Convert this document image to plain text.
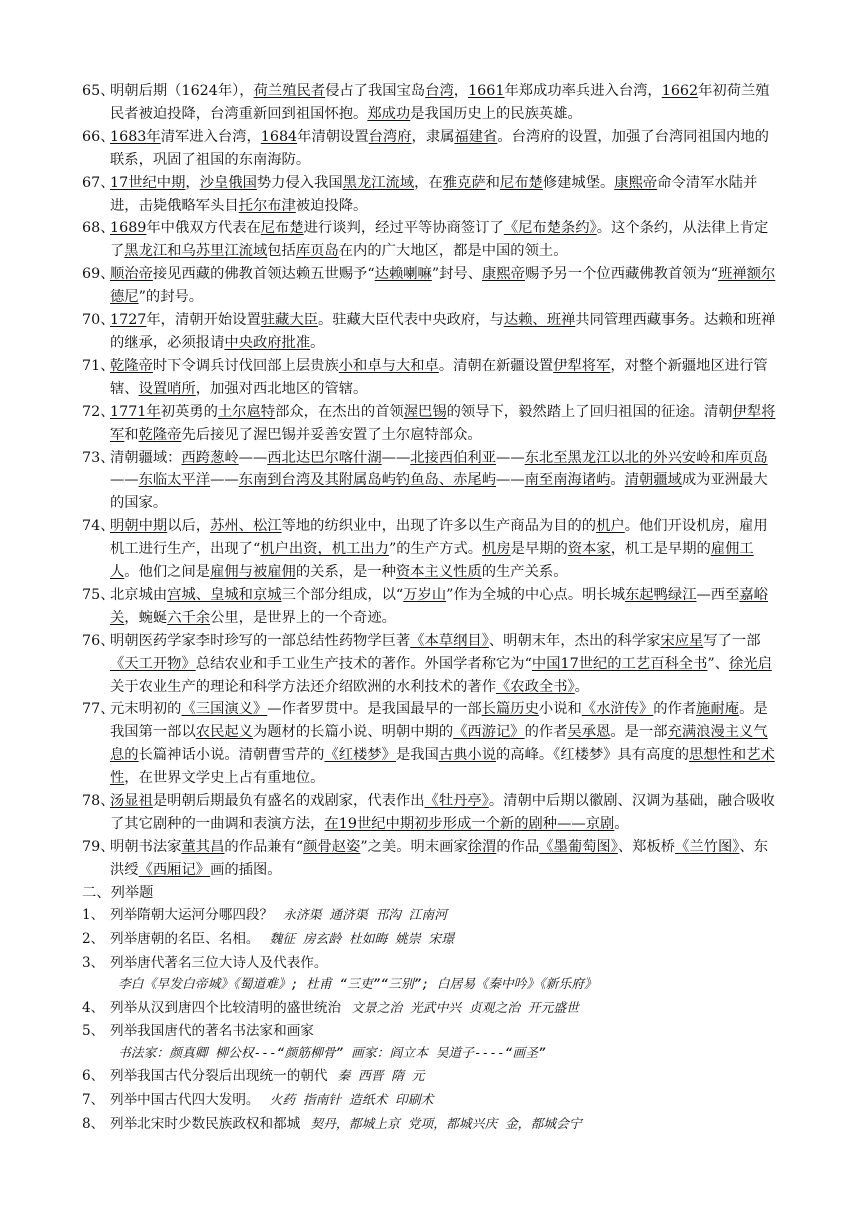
65、
明朝后期（1624年），荷兰殖民者侵占了我国宝岛台湾，1661年郑成功率兵进入台湾，1662年初荷兰殖民者被迫投降，台湾重新回到祖国怀抱。郑成功是我国历史上的民族英雄。
66、
1683年清军进入台湾，1684年清朝设置台湾府，隶属福建省。台湾府的设置，加强了台湾同祖国内地的联系，巩固了祖国的东南海防。
67、
17世纪中期，沙皇俄国势力侵入我国黑龙江流域，在雅克萨和尼布楚修建城堡。康熙帝命令清军水陆并进，击毙俄略军头目托尔布津被迫投降。
68、
1689年中俄双方代表在尼布楚进行谈判，经过平等协商签订了《尼布楚条约》。这个条约，从法律上肯定了黑龙江和乌苏里江流域包括库页岛在内的广大地区，都是中国的领土。
69、
顺治帝接见西藏的佛教首领达赖五世赐予“达赖喇嘛”封号、康熙帝赐予另一个位西藏佛教首领为“班禅额尔德尼”的封号。
70、
1727年，清朝开始设置驻藏大臣。驻藏大臣代表中央政府，与达赖、班禅共同管理西藏事务。达赖和班禅的继承，必须报请中央政府批准。
71、
乾隆帝时下令调兵讨伐回部上层贵族小和卓与大和卓。清朝在新疆设置伊犁将军，对整个新疆地区进行管辖、设置哨所，加强对西北地区的管辖。
72、
1771年初英勇的土尔扈特部众，在杰出的首领渥巴锡的领导下，毅然踏上了回归祖国的征途。清朝伊犁将军和乾隆帝先后接见了渥巴锡并妥善安置了土尔扈特部众。
73、
清朝疆域：西跨葱岭——西北达巴尔喀什湖——北接西伯利亚——东北至黑龙江以北的外兴安岭和库页岛——东临太平洋——东南到台湾及其附属岛屿钓鱼岛、赤尾屿——南至南海诸屿。清朝疆域成为亚洲最大的国家。
74、
明朝中期以后，苏州、松江等地的纺织业中，出现了许多以生产商品为目的的机户。他们开设机房，雇用机工进行生产，出现了“机户出资，机工出力”的生产方式。机房是早期的资本家，机工是早期的雇佣工人。他们之间是雇佣与被雇佣的关系，是一种资本主义性质的生产关系。
75、
北京城由宫城、皇城和京城三个部分组成，以“万岁山”作为全城的中心点。明长城东起鸭绿江—西至嘉峪关，蜿蜒六千余公里，是世界上的一个奇迹。
76、
明朝医药学家李时珍写的一部总结性药物学巨著《本草纲目》、明朝末年，杰出的科学家宋应星写了一部《天工开物》总结农业和手工业生产技术的著作。外国学者称它为“中国17世纪的工艺百科全书”、徐光启关于农业生产的理论和科学方法还介绍欧洲的水利技术的著作《农政全书》。
77、
元末明初的《三国演义》—作者罗贯中。是我国最早的一部长篇历史小说和《水浒传》的作者施耐庵。是我国第一部以农民起义为题材的长篇小说、明朝中期的《西游记》的作者吴承恩。是一部充满浪漫主义气息的长篇神话小说。清朝曹雪芹的《红楼梦》是我国古典小说的高峰。《红楼梦》具有高度的思想性和艺术性，在世界文学史上占有重地位。
78、
汤显祖是明朝后期最负有盛名的戏剧家，代表作出《牡丹亭》。清朝中后期以徽剧、汉调为基础，融合吸收了其它剧种的一曲调和表演方法，在19世纪中期初步形成一个新的剧种——京剧。
79、
明朝书法家董其昌的作品兼有“颜骨赵姿”之美。明末画家徐渭的作品《墨葡萄图》、郑板桥《兰竹图》、东洪绶《西厢记》画的插图。
二、列举题
1、 列举隋朝大运河分哪四段？ 永济渠 通济渠 邗沟 江南河
2、 列举唐朝的名臣、名相。 魏征 房玄龄 杜如晦 姚崇 宋璟
3、 列举唐代著名三位大诗人及代表作。
李白《早发白帝城》《蜀道难》; 杜甫 “三吏”“三别”; 白居易《秦中吟》《新乐府》
4、 列举从汉到唐四个比较清明的盛世统治 文景之治 光武中兴 贞观之治 开元盛世
5、 列举我国唐代的著名书法家和画家
书法家：颜真卿 柳公权---“颜筋柳骨” 画家：阎立本 吴道子----“画圣”
6、 列举我国古代分裂后出现统一的朝代 秦 西晋 隋 元
7、 列举中国古代四大发明。 火药 指南针 造纸术 印刷术
8、 列举北宋时少数民族政权和都城 契丹，都城上京 党项，都城兴庆 金，都城会宁
